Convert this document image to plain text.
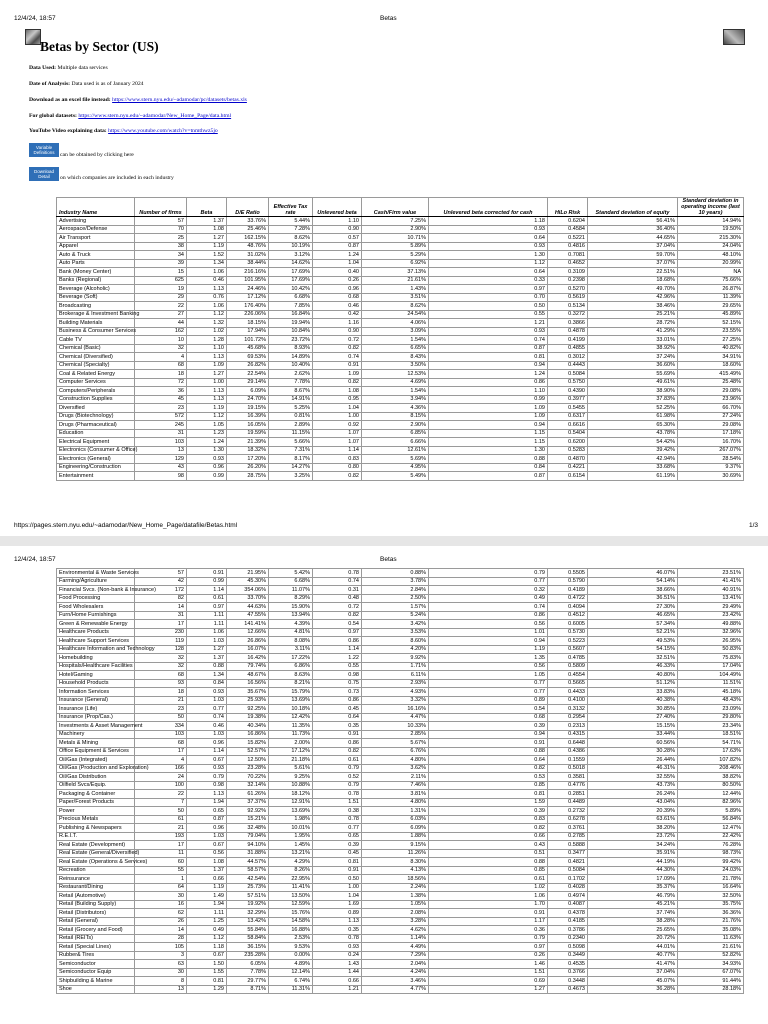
12/4/24, 18:57	Betas
Betas by Sector (US)
Data Used: Multiple data services
Date of Analysis: Data used is as of January 2024
Download as an excel file instead: https://www.stern.nyu.edu/~adamodar/pc/datasets/betas.xls
For global datasets: https://www.stern.nyu.edu/~adamodar/New_Home_Page/data.html
YouTube Video explaining data: https://www.youtube.com/watch?v=tnmthwz5jo
Variable Definitions can be obtained by clicking here
Download Detail	on which companies are included in each industry
Industry Name	Number of firms	Beta	D/E Ratio	Effective Tax rate	Unlevered beta	Cash/Firm value	Unlevered beta corrected for cash	HiLo Risk	Standard deviation of equity	Standard deviation in operating income (last 10 years)
Advertising	57	1.37	33.76%	5.44%	1.10	7.25%	1.18	0.6204	56.41%	14.94%
Aerospace/Defense	70	1.08	25.46%	7.28%	0.90	2.90%	0.93	0.4584	36.40%	19.50%
Air Transport	25	1.27	162.15%	8.62%	0.57	10.71%	0.64	0.5221	44.65%	215.30%
Apparel	38	1.19	48.76%	10.19%	0.87	5.89%	0.93	0.4816	37.04%	24.04%
Auto & Truck	34	1.52	31.02%	3.12%	1.24	5.29%	1.30	0.7081	59.70%	48.10%
Auto Parts	39	1.34	38.44%	14.62%	1.04	6.92%	1.12	0.4652	37.07%	20.99%
Bank (Money Center)	15	1.06	216.16%	17.69%	0.40	37.13%	0.64	0.3109	22.51%	NA
Banks (Regional)	625	0.46	101.95%	17.69%	0.26	21.61%	0.33	0.2398	18.68%	75.66%
Beverage (Alcoholic)	19	1.13	24.46%	10.42%	0.96	1.43%	0.97	0.5270	49.70%	26.87%
Beverage (Soft)	29	0.76	17.12%	6.68%	0.68	3.51%	0.70	0.5619	42.96%	11.39%
Broadcasting	22	1.06	176.40%	7.85%	0.46	8.62%	0.50	0.5134	38.46%	29.65%
Brokerage & Investment Banking	27	1.12	226.06%	16.84%	0.42	24.54%	0.55	0.3272	25.21%	45.89%
Building Materials	44	1.32	18.15%	19.94%	1.16	4.06%	1.21	0.3866	28.72%	52.15%
Business & Consumer Services	162	1.02	17.94%	10.84%	0.90	3.09%	0.93	0.4878	41.29%	23.55%
Cable TV	10	1.28	101.72%	23.72%	0.72	1.54%	0.74	0.4199	33.01%	27.25%
Chemical (Basic)	32	1.10	45.68%	8.93%	0.82	6.65%	0.87	0.4855	38.92%	40.82%
Chemical (Diversified)	4	1.13	69.53%	14.89%	0.74	8.43%	0.81	0.3012	37.24%	34.91%
Chemical (Specialty)	68	1.09	26.82%	10.40%	0.91	3.50%	0.94	0.4443	36.60%	18.60%
Coal & Related Energy	18	1.27	22.54%	2.62%	1.09	12.53%	1.24	0.5084	55.69%	415.49%
Computer Services	72	1.00	29.14%	7.78%	0.82	4.69%	0.86	0.5750	49.61%	25.48%
Computers/Peripherals	36	1.13	6.09%	8.67%	1.08	1.54%	1.10	0.4390	38.90%	29.08%
Construction Supplies	45	1.13	24.70%	14.91%	0.95	3.94%	0.99	0.3977	37.83%	23.96%
Diversified	23	1.19	19.15%	5.25%	1.04	4.36%	1.09	0.5455	52.25%	66.70%
Drugs (Biotechnology)	572	1.12	16.39%	0.81%	1.00	8.15%	1.09	0.6317	61.98%	27.24%
Drugs (Pharmaceutical)	245	1.05	16.05%	2.89%	0.92	2.90%	0.94	0.6616	65.30%	29.08%
Education	31	1.23	19.59%	11.15%	1.07	6.85%	1.15	0.5404	43.78%	17.18%
Electrical Equipment	103	1.24	21.39%	5.66%	1.07	6.66%	1.15	0.6200	54.42%	16.70%
Electronics (Consumer & Office)	13	1.30	18.32%	7.31%	1.14	12.61%	1.30	0.5283	39.42%	267.07%
Electronics (General)	129	0.93	17.20%	8.17%	0.83	5.69%	0.88	0.4870	42.94%	28.54%
Engineering/Construction	43	0.96	26.20%	14.27%	0.80	4.95%	0.84	0.4221	33.68%	9.37%
Entertainment	98	0.99	28.75%	3.25%	0.82	5.49%	0.87	0.6154	61.19%	30.69%
https://pages.stern.nyu.edu/~adamodar/New_Home_Page/datafile/Betas.html	1/3
12/4/24, 18:57	Betas
Environmental & Waste Services	57	0.91	21.95%	5.42%	0.78	0.88%	0.79	0.5505	46.07%	23.51%
Farming/Agriculture	42	0.99	45.30%	6.68%	0.74	3.78%	0.77	0.5790	54.14%	41.41%
Financial Svcs. (Non-bank & Insurance)	172	1.14	354.06%	11.07%	0.31	2.84%	0.32	0.4189	38.66%	40.91%
Food Processing	82	0.61	33.70%	8.29%	0.48	2.50%	0.49	0.4722	36.51%	13.41%
Food Wholesalers	14	0.97	44.63%	15.90%	0.72	1.57%	0.74	0.4094	27.30%	29.49%
Furn/Home Furnishings	31	1.11	47.55%	13.94%	0.82	5.24%	0.86	0.4512	46.65%	23.42%
Green & Renewable Energy	17	1.11	141.41%	4.39%	0.54	3.42%	0.56	0.6005	57.34%	49.88%
Healthcare Products	230	1.06	12.66%	4.81%	0.97	3.53%	1.01	0.5730	52.21%	32.96%
Healthcare Support Services	119	1.03	26.86%	8.08%	0.86	8.60%	0.94	0.5223	49.53%	26.95%
Healthcare Information and Technology	128	1.27	16.07%	3.11%	1.14	4.20%	1.19	0.5607	54.15%	50.83%
Homebuilding	32	1.37	16.42%	17.22%	1.22	9.92%	1.35	0.4785	32.51%	75.83%
Hospitals/Healthcare Facilities	32	0.88	79.74%	6.86%	0.55	1.71%	0.56	0.5809	46.33%	17.04%
Hotel/Gaming	68	1.34	48.67%	8.63%	0.98	6.11%	1.05	0.4554	40.80%	104.49%
Household Products	93	0.84	16.56%	8.21%	0.75	2.93%	0.77	0.5665	51.12%	11.51%
Information Services	18	0.93	35.67%	15.79%	0.73	4.93%	0.77	0.4433	33.83%	45.18%
Insurance (General)	21	1.03	25.93%	13.69%	0.86	3.32%	0.89	0.4100	40.38%	48.43%
Insurance (Life)	23	0.77	92.25%	10.18%	0.45	16.16%	0.54	0.3132	30.85%	23.09%
Insurance (Prop/Cas.)	50	0.74	19.38%	12.42%	0.64	4.47%	0.68	0.2954	27.40%	29.80%
Investments & Asset Management	334	0.46	40.34%	11.35%	0.35	10.33%	0.39	0.2313	15.15%	23.34%
Machinery	103	1.03	16.86%	11.73%	0.91	2.85%	0.94	0.4315	33.44%	18.51%
Metals & Mining	68	0.96	15.82%	2.00%	0.86	5.67%	0.91	0.6448	60.56%	54.71%
Office Equipment & Services	17	1.14	52.57%	17.12%	0.82	6.76%	0.88	0.4386	30.28%	17.63%
Oil/Gas (Integrated)	4	0.67	12.50%	21.18%	0.61	4.80%	0.64	0.1559	26.44%	107.82%
Oil/Gas (Production and Exploration)	166	0.93	23.28%	5.61%	0.79	3.62%	0.82	0.5018	46.31%	208.46%
Oil/Gas Distribution	24	0.79	70.22%	9.25%	0.52	2.11%	0.53	0.3581	32.55%	38.82%
Oilfield Svcs/Equip.	100	0.98	32.14%	10.88%	0.79	7.46%	0.85	0.4776	43.73%	80.50%
Packaging & Container	22	1.13	61.26%	18.12%	0.78	3.81%	0.81	0.2851	26.24%	12.44%
Paper/Forest Products	7	1.94	37.37%	12.91%	1.51	4.80%	1.59	0.4489	43.04%	82.96%
Power	50	0.65	92.92%	13.69%	0.38	1.31%	0.39	0.2732	20.39%	5.89%
Precious Metals	61	0.87	15.21%	1.98%	0.78	6.03%	0.83	0.6278	63.61%	56.84%
Publishing & Newspapers	21	0.96	32.48%	10.01%	0.77	6.09%	0.82	0.3761	38.20%	12.47%
R.E.I.T.	193	1.03	79.04%	1.95%	0.65	1.88%	0.66	0.2785	23.72%	22.42%
Real Estate (Development)	17	0.67	94.10%	1.45%	0.39	9.15%	0.43	0.5888	34.24%	76.28%
Real Estate (General/Diversified)	11	0.56	31.88%	13.21%	0.45	11.26%	0.51	0.3477	35.91%	98.73%
Real Estate (Operations & Services)	60	1.08	44.57%	4.29%	0.81	8.30%	0.88	0.4821	44.19%	99.42%
Recreation	55	1.37	58.57%	8.26%	0.91	4.13%	0.85	0.5084	44.30%	24.03%
Reinsurance	1	0.66	42.54%	22.95%	0.50	18.56%	0.61	0.1702	17.09%	21.78%
Restaurant/Dining	64	1.19	25.73%	11.41%	1.00	2.24%	1.02	0.4028	35.37%	16.64%
Retail (Automotive)	30	1.49	57.51%	13.50%	1.04	1.38%	1.06	0.4974	46.79%	32.50%
Retail (Building Supply)	16	1.94	19.92%	12.59%	1.69	1.05%	1.70	0.4087	45.21%	35.75%
Retail (Distributors)	62	1.11	32.29%	15.76%	0.89	2.08%	0.91	0.4378	37.74%	36.36%
Retail (General)	26	1.25	13.42%	14.58%	1.13	3.28%	1.17	0.4185	38.28%	21.76%
Retail (Grocery and Food)	14	0.49	55.84%	16.88%	0.35	4.62%	0.36	0.3786	25.65%	35.08%
Retail (REITs)	28	1.12	58.84%	2.53%	0.78	1.14%	0.79	0.2340	20.72%	11.63%
Retail (Special Lines)	105	1.18	36.15%	9.53%	0.93	4.49%	0.97	0.5098	44.01%	21.61%
Rubber& Tires	3	0.67	235.28%	0.00%	0.24	7.29%	0.26	0.3449	40.77%	52.82%
Semiconductor	63	1.50	6.05%	4.89%	1.43	2.04%	1.46	0.4535	41.47%	34.93%
Semiconductor Equip	30	1.55	7.78%	12.14%	1.44	4.24%	1.51	0.3766	37.04%	67.07%
Shipbuilding & Marine	8	0.81	29.77%	6.74%	0.66	3.46%	0.69	0.3448	45.07%	91.44%
Shoe	13	1.29	8.71%	11.31%	1.21	4.77%	1.27	0.4673	36.28%	28.18%
